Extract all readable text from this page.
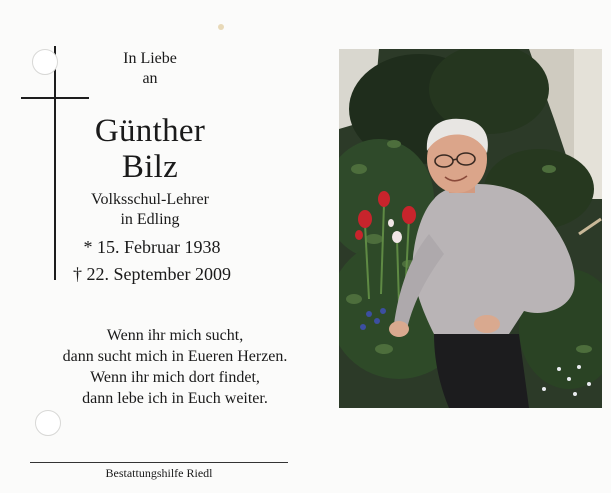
In Liebe
an
Günther
Bilz
Volksschul-Lehrer
in Edling
* 15. Februar 1938
† 22. September 2009
Wenn ihr mich sucht,
dann sucht mich in Eueren Herzen.
Wenn ihr mich dort findet,
dann lebe ich in Euch weiter.
Bestattungshilfe Riedl
